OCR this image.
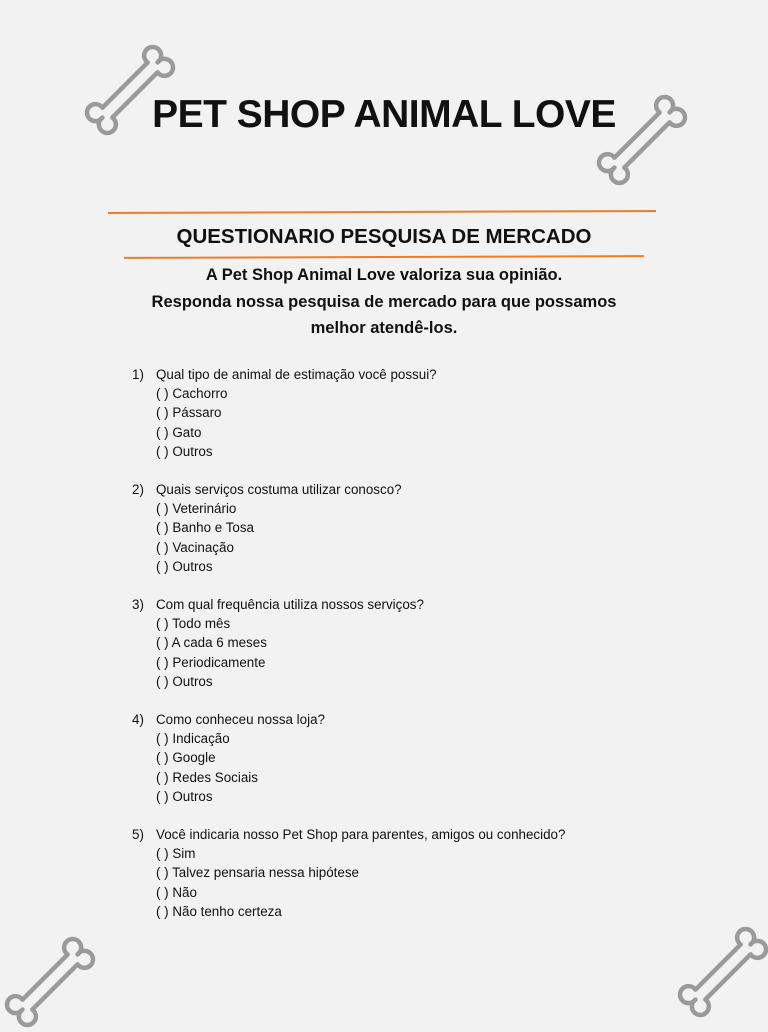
PET SHOP ANIMAL LOVE
QUESTIONARIO PESQUISA DE MERCADO
A Pet Shop Animal Love valoriza sua opinião.
Responda nossa pesquisa de mercado para que possamos
melhor atendê-los.
1) Qual tipo de animal de estimação você possui?
( ) Cachorro
( ) Pássaro
( ) Gato
( ) Outros
2) Quais serviços costuma utilizar conosco?
( ) Veterinário
( ) Banho e Tosa
( ) Vacinação
( ) Outros
3) Com qual frequência utiliza nossos serviços?
( ) Todo mês
( ) A cada 6 meses
( ) Periodicamente
( ) Outros
4) Como conheceu nossa loja?
( ) Indicação
( ) Google
( ) Redes Sociais
( ) Outros
5) Você indicaria nosso Pet Shop para parentes, amigos ou conhecido?
( ) Sim
( ) Talvez pensaria nessa hipótese
( ) Não
( ) Não tenho certeza
